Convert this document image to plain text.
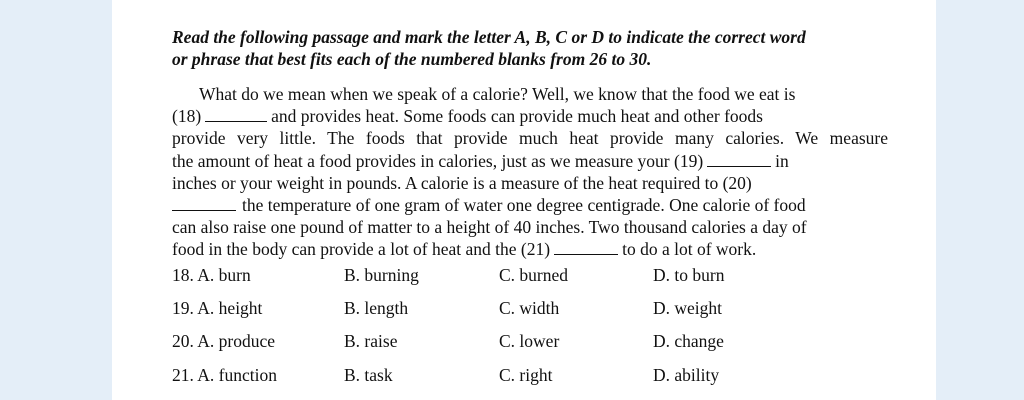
Read the following passage and mark the letter A, B, C or D to indicate the correct word
or phrase that best fits each of the numbered blanks from 26 to 30.
What do we mean when we speak of a calorie? Well, we know that the food we eat is
(18)	and provides heat. Some foods can provide much heat and other foods
provide very little. The foods that provide much heat provide many calories. We measure
the amount of heat a food provides in calories, just as we measure your (19)	in
inches or your weight in pounds. A calorie is a measure of the heat required to (20)
the temperature of one gram of water one degree centigrade. One calorie of food
can also raise one pound of matter to a height of 40 inches. Two thousand calories a day of
food in the body can provide a lot of heat and the (21)	to do a lot of work.
18. A. burn	B. burning	C. burned	D. to burn
19. A. height	B. length	C. width	D. weight
20. A. produce	B. raise	C. lower	D. change
21. A. function	B. task	C. right	D. ability
